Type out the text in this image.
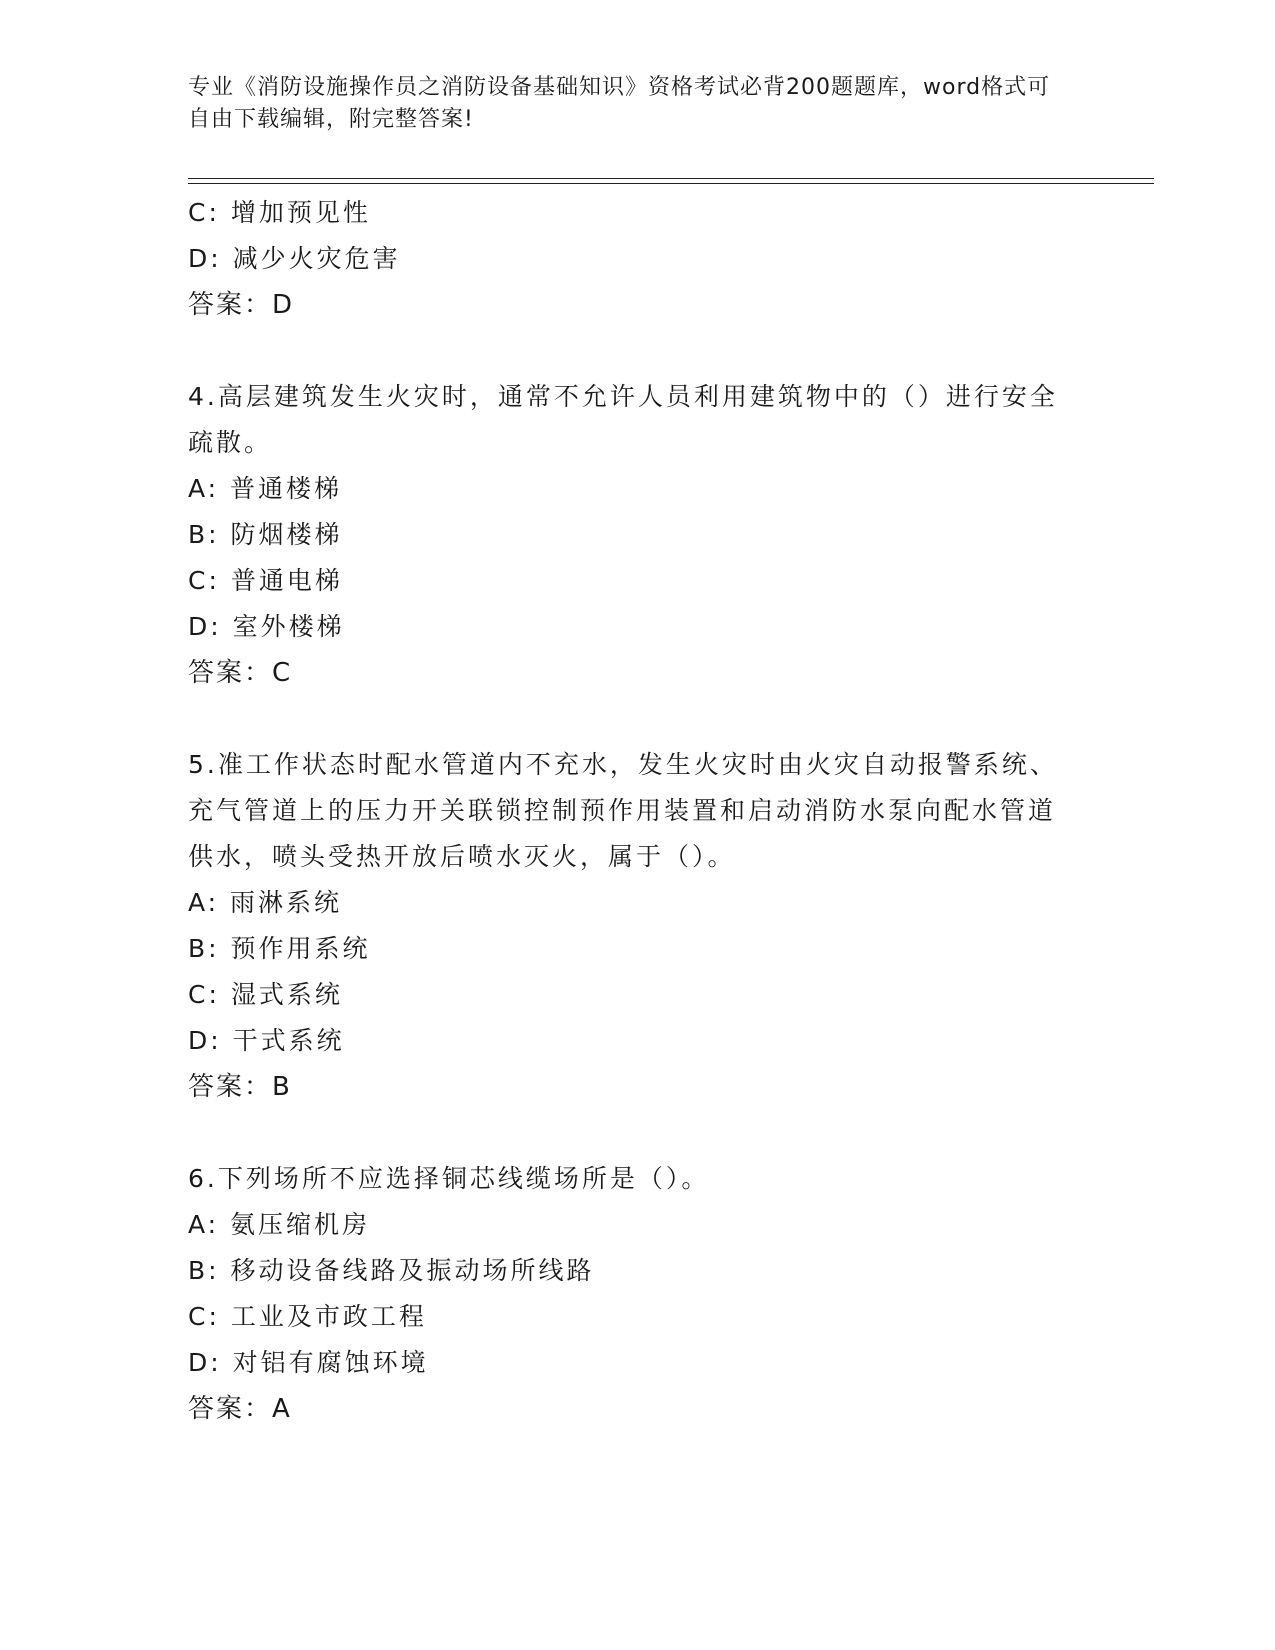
专业《消防设施操作员之消防设备基础知识》资格考试必背200题题库，word格式可自由下载编辑，附完整答案!
C: 增加预见性
D: 减少火灾危害
答案：D
4.高层建筑发生火灾时，通常不允许人员利用建筑物中的（）进行安全疏散。
A: 普通楼梯
B: 防烟楼梯
C: 普通电梯
D: 室外楼梯
答案：C
5.准工作状态时配水管道内不充水，发生火灾时由火灾自动报警系统、充气管道上的压力开关联锁控制预作用装置和启动消防水泵向配水管道供水，喷头受热开放后喷水灭火，属于（）。
A: 雨淋系统
B: 预作用系统
C: 湿式系统
D: 干式系统
答案：B
6.下列场所不应选择铜芯线缆场所是（）。
A: 氨压缩机房
B: 移动设备线路及振动场所线路
C: 工业及市政工程
D: 对铝有腐蚀环境
答案：A
